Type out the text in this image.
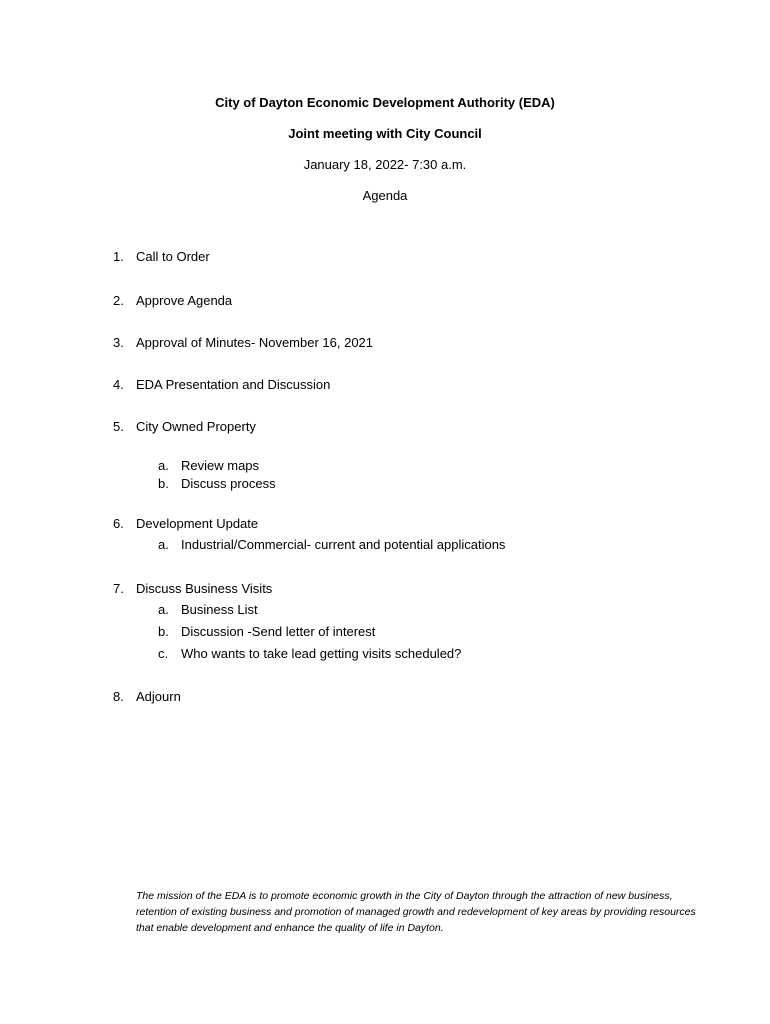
City of Dayton Economic Development Authority (EDA)
Joint meeting with City Council
January 18, 2022- 7:30 a.m.
Agenda
1. Call to Order
2. Approve Agenda
3. Approval of Minutes- November 16, 2021
4. EDA Presentation and Discussion
5. City Owned Property
a. Review maps
b. Discuss process
6. Development Update
a. Industrial/Commercial- current and potential applications
7. Discuss Business Visits
a. Business List
b. Discussion -Send letter of interest
c. Who wants to take lead getting visits scheduled?
8. Adjourn
The mission of the EDA is to promote economic growth in the City of Dayton through the attraction of new business, retention of existing business and promotion of managed growth and redevelopment of key areas by providing resources that enable development and enhance the quality of life in Dayton.
